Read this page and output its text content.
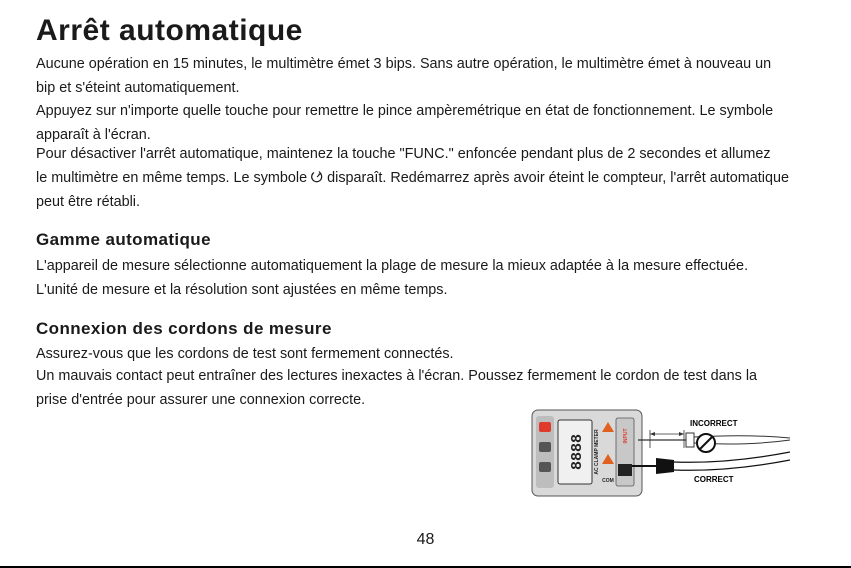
Arrêt automatique

Aucune opération en 15 minutes, le multimètre émet 3 bips. Sans autre opération, le multimètre émet à nouveau un
bip et s'éteint automatiquement.

Appuyez sur n'importe quelle touche pour remettre le pince ampèremétrique en état de fonctionnement. Le symbole
apparaît à l'écran.

Pour désactiver l'arrêt automatique, maintenez la touche "FUNC." enfoncée pendant plus de 2 secondes et allumez
le multimètre en même temps. Le symbole disparaît. Redémarrez après avoir éteint le compteur, l'arrêt automatique
peut être rétabli.

Gamme automatique

L'appareil de mesure sélectionne automatiquement la plage de mesure la mieux adaptée à la mesure effectuée.
L'unité de mesure et la résolution sont ajustées en même temps.

Connexion des cordons de mesure

Assurez-vous que les cordons de test sont fermement connectés.

Un mauvais contact peut entraîner des lectures inexactes à l'écran. Poussez fermement le cordon de test dans la
prise d'entrée pour assurer une connexion correcte.

8888 AC CLAMP METER	INPUT
COM
INCORRECT
CORRECT
48
